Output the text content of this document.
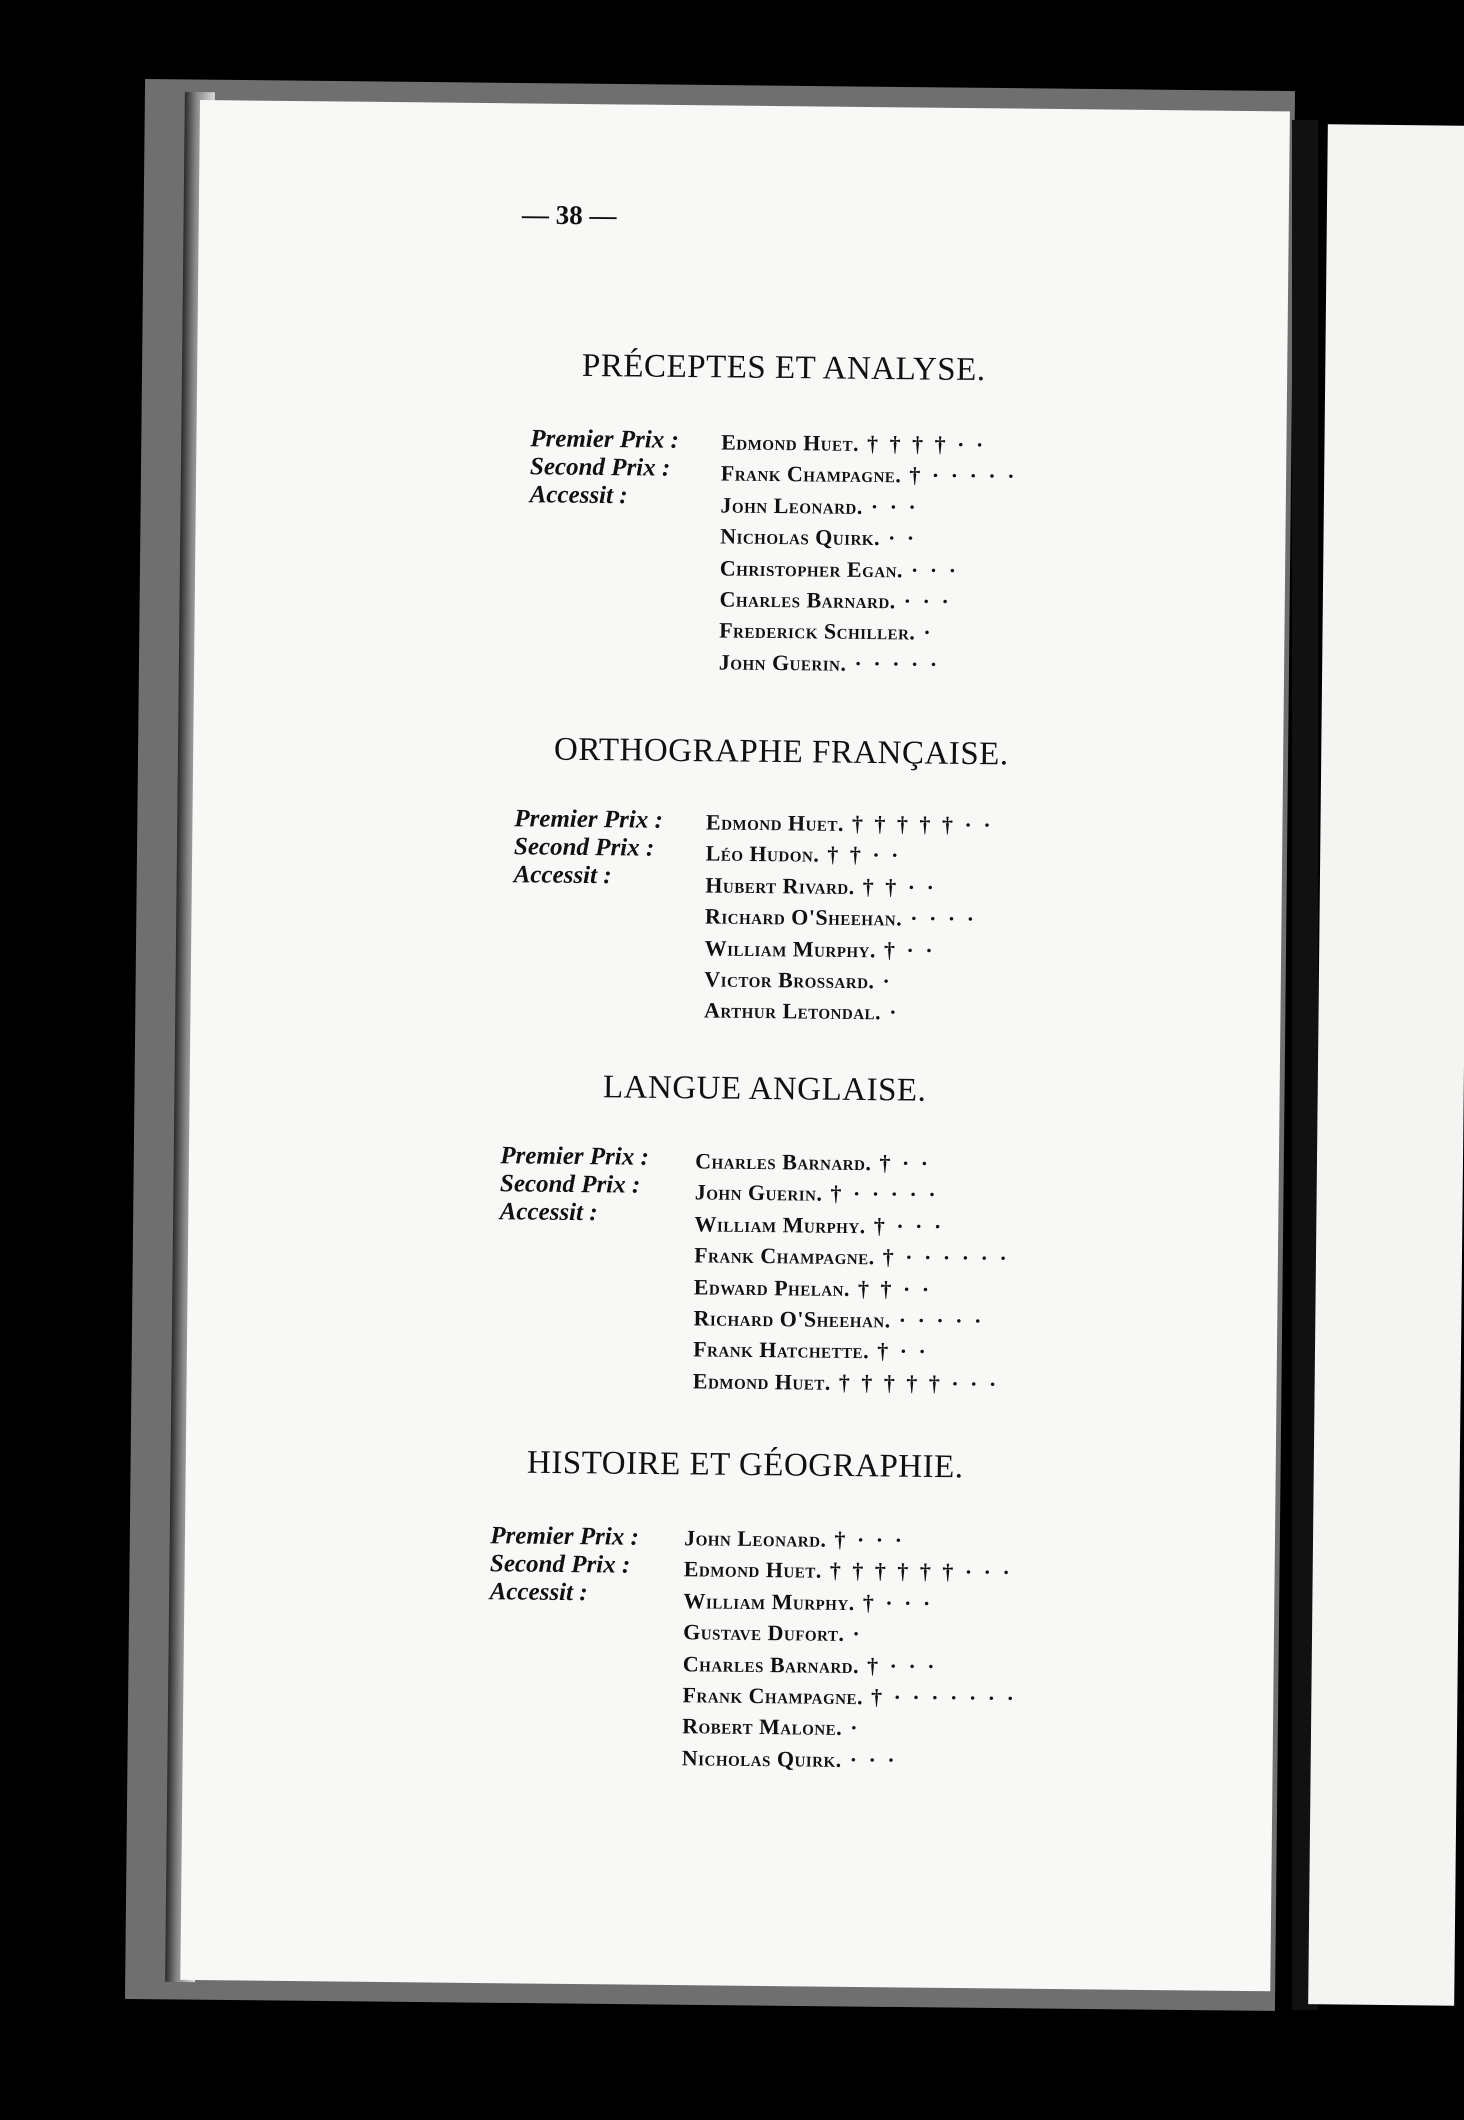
— 38 —
PRÉCEPTES ET ANALYSE.
Premier Prix :
Second Prix :
Accessit :
Edmond Huet. † † † † · ·
Frank Champagne. † · · · · ·
John Leonard. · · ·
Nicholas Quirk. · ·
Christopher Egan. · · ·
Charles Barnard. · · ·
Frederick Schiller. ·
John Guerin. · · · · ·
ORTHOGRAPHE FRANÇAISE.
Premier Prix :
Second Prix :
Accessit :
Edmond Huet. † † † † † · ·
Léo Hudon. † † · ·
Hubert Rivard. † † · ·
Richard O'Sheehan. · · · ·
William Murphy. † · ·
Victor Brossard. ·
Arthur Letondal. ·
LANGUE ANGLAISE.
Premier Prix :
Second Prix :
Accessit :
Charles Barnard. † · ·
John Guerin. † · · · · ·
William Murphy. † · · ·
Frank Champagne. † · · · · · ·
Edward Phelan. † † · ·
Richard O'Sheehan. · · · · ·
Frank Hatchette. † · ·
Edmond Huet. † † † † † · · ·
HISTOIRE ET GÉOGRAPHIE.
Premier Prix :
Second Prix :
Accessit :
John Leonard. † · · ·
Edmond Huet. † † † † † † · · ·
William Murphy. † · · ·
Gustave Dufort. ·
Charles Barnard. † · · ·
Frank Champagne. † · · · · · · ·
Robert Malone. ·
Nicholas Quirk. · · ·
